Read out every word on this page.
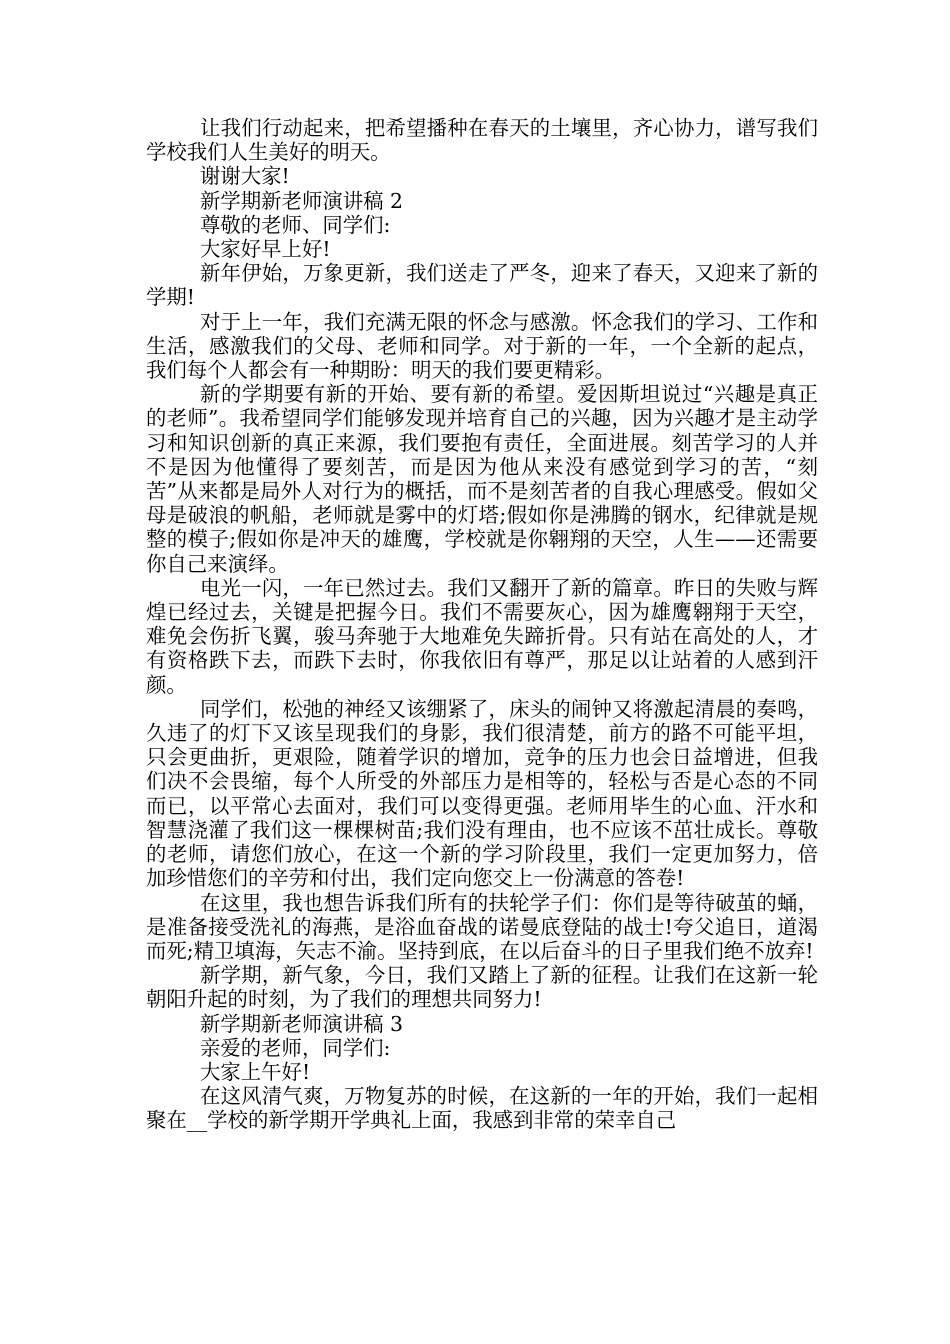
让我们行动起来，把希望播种在春天的土壤里，齐心协力，谱写我们学校我们人生美好的明天。

谢谢大家!

新学期新老师演讲稿 2

尊敬的老师、同学们:

大家好早上好!

新年伊始，万象更新，我们送走了严冬，迎来了春天，又迎来了新的学期!

对于上一年，我们充满无限的怀念与感激。怀念我们的学习、工作和生活，感激我们的父母、老师和同学。对于新的一年，一个全新的起点，我们每个人都会有一种期盼：明天的我们要更精彩。

新的学期要有新的开始、要有新的希望。爱因斯坦说过“兴趣是真正的老师”。我希望同学们能够发现并培育自己的兴趣，因为兴趣才是主动学习和知识创新的真正来源，我们要抱有责任，全面进展。刻苦学习的人并不是因为他懂得了要刻苦，而是因为他从来没有感觉到学习的苦，“刻苦”从来都是局外人对行为的概括，而不是刻苦者的自我心理感受。假如父母是破浪的帆船，老师就是雾中的灯塔;假如你是沸腾的钢水，纪律就是规整的模子;假如你是冲天的雄鹰，学校就是你翱翔的天空，人生——还需要你自己来演绎。

电光一闪，一年已然过去。我们又翻开了新的篇章。昨日的失败与辉煌已经过去，关键是把握今日。我们不需要灰心，因为雄鹰翱翔于天空，难免会伤折飞翼，骏马奔驰于大地难免失蹄折骨。只有站在高处的人，才有资格跌下去，而跌下去时，你我依旧有尊严，那足以让站着的人感到汗颜。

同学们，松弛的神经又该绷紧了，床头的闹钟又将激起清晨的奏鸣，久违了的灯下又该呈现我们的身影，我们很清楚，前方的路不可能平坦，只会更曲折，更艰险，随着学识的增加，竞争的压力也会日益增进，但我们决不会畏缩，每个人所受的外部压力是相等的，轻松与否是心态的不同而已，以平常心去面对，我们可以变得更强。老师用毕生的心血、汗水和智慧浇灌了我们这一棵棵树苗;我们没有理由，也不应该不茁壮成长。尊敬的老师，请您们放心，在这一个新的学习阶段里，我们一定更加努力，倍加珍惜您们的辛劳和付出，我们定向您交上一份满意的答卷!

在这里，我也想告诉我们所有的扶轮学子们：你们是等待破茧的蛹，是准备接受洗礼的海燕，是浴血奋战的诺曼底登陆的战士!夸父追日，道渴而死;精卫填海，矢志不渝。坚持到底，在以后奋斗的日子里我们绝不放弃!

新学期，新气象，今日，我们又踏上了新的征程。让我们在这新一轮朝阳升起的时刻，为了我们的理想共同努力!

新学期新老师演讲稿 3

亲爱的老师，同学们:

大家上午好!

在这风清气爽，万物复苏的时候，在这新的一年的开始，我们一起相聚在__学校的新学期开学典礼上面，我感到非常的荣幸自己
